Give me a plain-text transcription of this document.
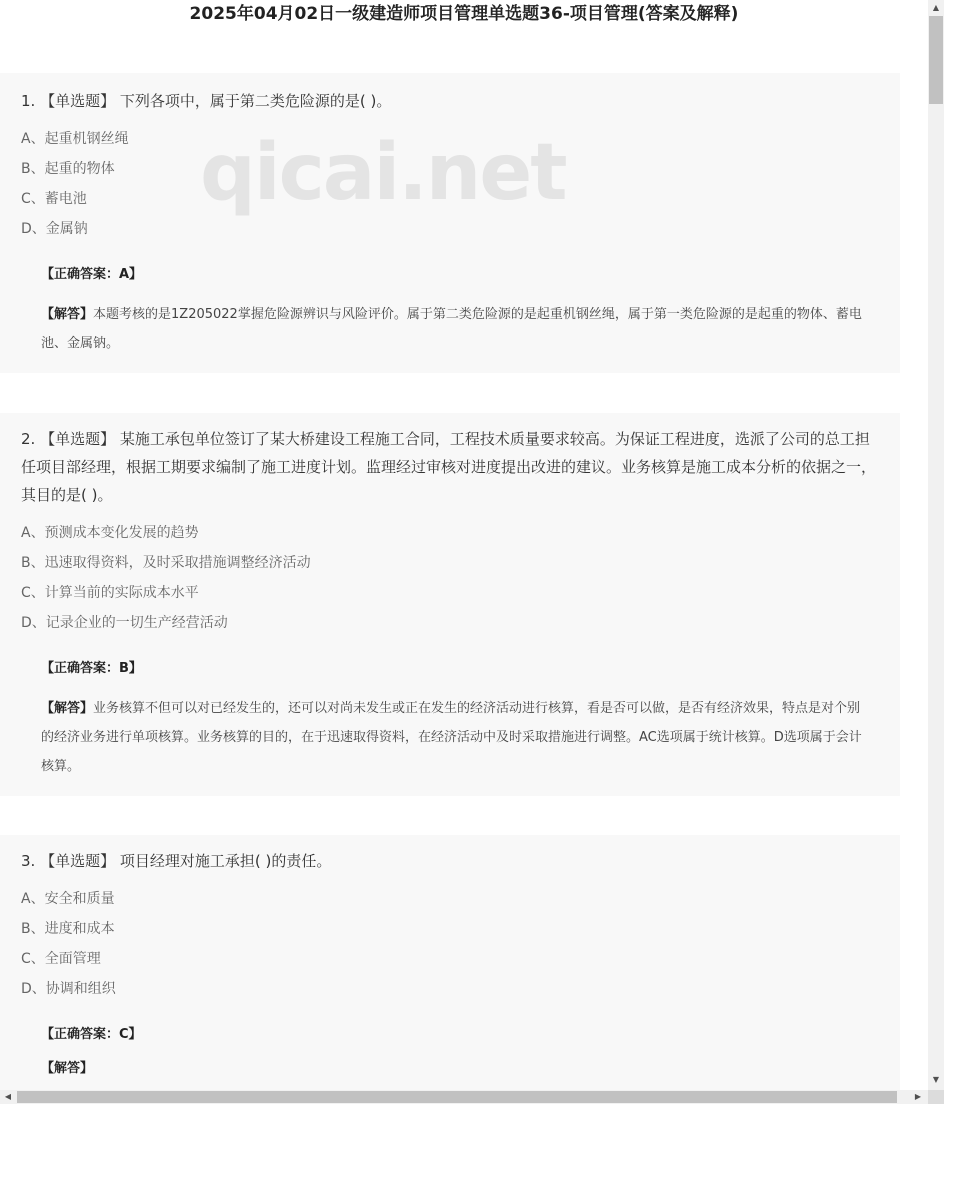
2025年04月02日一级建造师项目管理单选题36-项目管理(答案及解释)
qicai.net

1. 【单选题】 下列各项中，属于第二类危险源的是( )。

A、起重机钢丝绳
B、起重的物体
C、蓄电池
D、金属钠
【正确答案：A】
【解答】本题考核的是1Z205022掌握危险源辨识与风险评价。属于第二类危险源的是起重机钢丝绳，属于第一类危险源的是起重的物体、蓄电池、金属钠。

2. 【单选题】 某施工承包单位签订了某大桥建设工程施工合同，工程技术质量要求较高。为保证工程进度，选派了公司的总工担任项目部经理，根据工期要求编制了施工进度计划。监理经过审核对进度提出改进的建议。业务核算是施工成本分析的依据之一，其目的是( )。

A、预测成本变化发展的趋势
B、迅速取得资料，及时采取措施调整经济活动
C、计算当前的实际成本水平
D、记录企业的一切生产经营活动
【正确答案：B】
【解答】业务核算不但可以对已经发生的，还可以对尚未发生或正在发生的经济活动进行核算，看是否可以做，是否有经济效果，特点是对个别的经济业务进行单项核算。业务核算的目的，在于迅速取得资料，在经济活动中及时采取措施进行调整。AC选项属于统计核算。D选项属于会计核算。

3. 【单选题】 项目经理对施工承担( )的责任。

A、安全和质量
B、进度和成本
C、全面管理
D、协调和组织
【正确答案：C】
【解答】
▲
▼
◀	▶
